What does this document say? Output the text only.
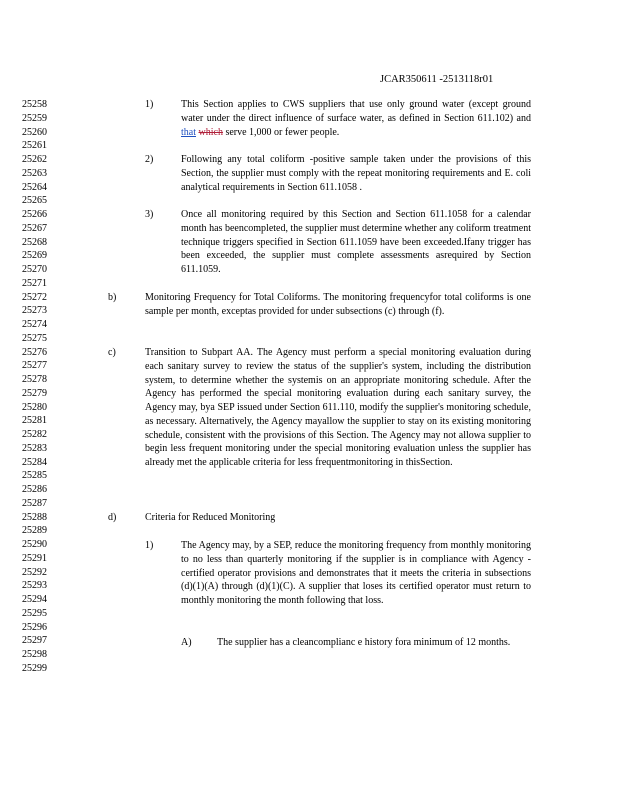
JCAR350611 -2513118r01
25258
25259
25260
25261
25262
25263
25264
25265
25266
25267
25268
25269
25270
25271
25272
25273
25274
25275
25276
25277
25278
25279
25280
25281
25282
25283
25284
25285
25286
25287
25288
25289
25290
25291
25292
25293
25294
25295
25296
25297
25298
25299
1)	This Section applies to CWS suppliers that use only ground water (except ground water under the direct influence of surface water, as defined in Section 611.102) and that which serve 1,000 or fewer people.
2)	Following any total coliform -positive sample taken under the provisions of this Section, the supplier must comply with the repeat monitoring requirements and E. coli analytical requirements in Section 611.1058 .
3)	Once all monitoring required by this Section and Section 611.1058 for a calendar month has beencompleted, the supplier must determine whether any coliform treatment technique triggers specified in Section 611.1059 have been exceeded.Ifany trigger has been exceeded, the supplier must complete assessments asrequired by Section 611.1059.
b)	Monitoring Frequency for Total Coliforms. The monitoring frequencyfor total coliforms is one sample per month, exceptas provided for under subsections (c) through (f).
c)	Transition to Subpart AA. The Agency must perform a special monitoring evaluation during each sanitary survey to review the status of the supplier's system, including the distribution system, to determine whether the systemis on an appropriate monitoring schedule. After the Agency has performed the special monitoring evaluation during each sanitary survey, the Agency may, bya SEP issued under Section 611.110, modify the supplier's monitoring schedule, as necessary. Alternatively, the Agency mayallow the supplier to stay on its existing monitoring schedule, consistent with the provisions of this Section. The Agency may not allowa supplier to begin less frequent monitoring under the special monitoring evaluation unless the supplier has already met the applicable criteria for less frequentmonitoring in thisSection.
d)	Criteria for Reduced Monitoring
1)	The Agency may, by a SEP, reduce the monitoring frequency from monthly monitoring to no less than quarterly monitoring if the supplier is in compliance with Agency -certified operator provisions and demonstrates that it meets the criteria in subsections (d)(1)(A) through (d)(1)(C). A supplier that loses its certified operator must return to monthly monitoring the month following that loss.
A)	The supplier has a cleancomplianc e history fora minimum of 12 months.
